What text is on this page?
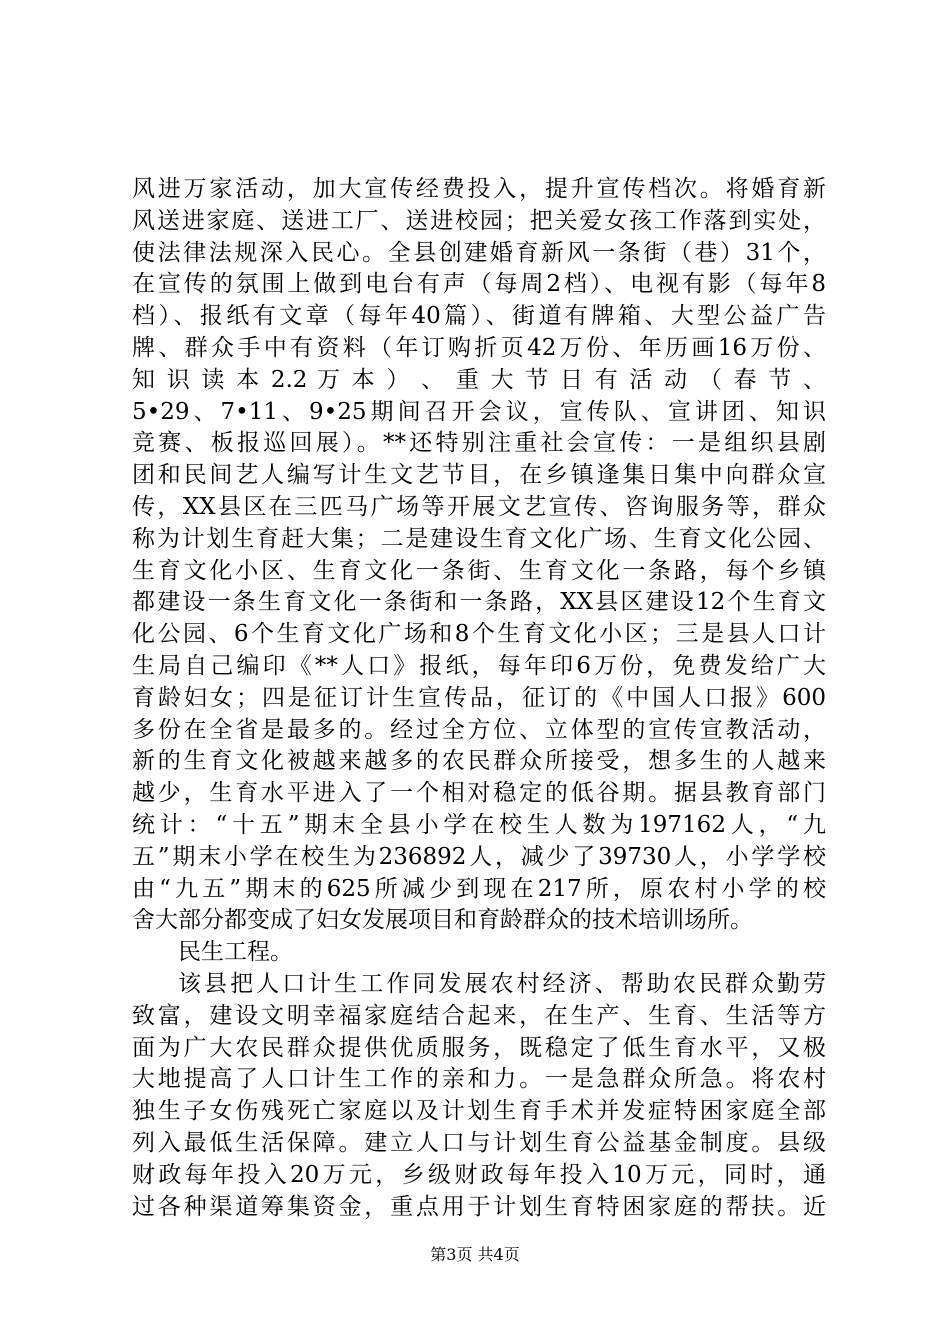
风进万家活动，加大宣传经费投入，提升宣传档次。将婚育新
风送进家庭、送进工厂、送进校园；把关爱女孩工作落到实处，
使法律法规深入民心。全县创建婚育新风一条街（巷）31个，
在宣传的氛围上做到电台有声（每周2档）、电视有影（每年8
档）、报纸有文章（每年40篇）、街道有牌箱、大型公益广告
牌、群众手中有资料（年订购折页42万份、年历画16万份、
知 识 读 本 2.2 万 本 ） 、 重 大 节 日 有 活 动 （ 春 节 、
5•29、7•11、9•25期间召开会议，宣传队、宣讲团、知识
竞赛、板报巡回展）。**还特别注重社会宣传：一是组织县剧
团和民间艺人编写计生文艺节目，在乡镇逢集日集中向群众宣
传，XX县区在三匹马广场等开展文艺宣传、咨询服务等，群众
称为计划生育赶大集；二是建设生育文化广场、生育文化公园、
生育文化小区、生育文化一条街、生育文化一条路，每个乡镇
都建设一条生育文化一条街和一条路，XX县区建设12个生育文
化公园、6个生育文化广场和8个生育文化小区；三是县人口计
生局自己编印《**人口》报纸，每年印6万份，免费发给广大
育龄妇女；四是征订计生宣传品，征订的《中国人口报》600
多份在全省是最多的。经过全方位、立体型的宣传宣教活动，
新的生育文化被越来越多的农民群众所接受，想多生的人越来
越少，生育水平进入了一个相对稳定的低谷期。据县教育部门
统计：“十五”期末全县小学在校生人数为197162人，“九
五”期末小学在校生为236892人，减少了39730人，小学学校
由“九五”期末的625所减少到现在217所，原农村小学的校
舍大部分都变成了妇女发展项目和育龄群众的技术培训场所。
民生工程。
该县把人口计生工作同发展农村经济、帮助农民群众勤劳
致富，建设文明幸福家庭结合起来，在生产、生育、生活等方
面为广大农民群众提供优质服务，既稳定了低生育水平，又极
大地提高了人口计生工作的亲和力。一是急群众所急。将农村
独生子女伤残死亡家庭以及计划生育手术并发症特困家庭全部
列入最低生活保障。建立人口与计划生育公益基金制度。县级
财政每年投入20万元，乡级财政每年投入10万元，同时，通
过各种渠道筹集资金，重点用于计划生育特困家庭的帮扶。近
第3页 共4页
